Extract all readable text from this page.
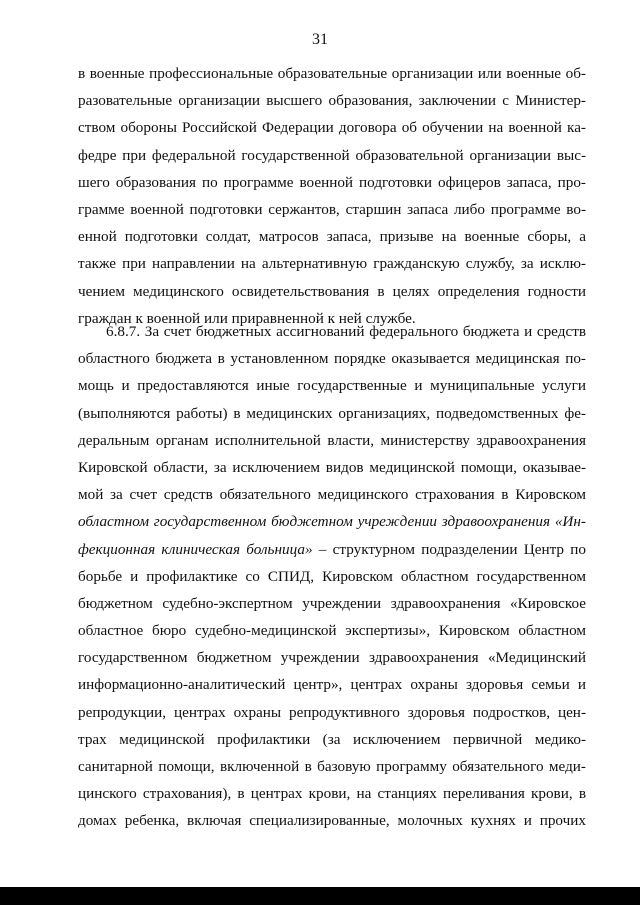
31
в военные профессиональные образовательные организации или военные об-
разовательные организации высшего образования, заключении с Министер-
ством обороны Российской Федерации договора об обучении на военной ка-
федре при федеральной государственной образовательной организации выс-
шего образования по программе военной подготовки офицеров запаса, про-
грамме военной подготовки сержантов, старшин запаса либо программе во-
енной подготовки солдат, матросов запаса, призыве на военные сборы, а
также при направлении на альтернативную гражданскую службу, за исклю-
чением медицинского освидетельствования в целях определения годности
граждан к военной или приравненной к ней службе.
6.8.7. За счет бюджетных ассигнований федерального бюджета и средств
областного бюджета в установленном порядке оказывается медицинская по-
мощь и предоставляются иные государственные и муниципальные услуги
(выполняются работы) в медицинских организациях, подведомственных фе-
деральным органам исполнительной власти, министерству здравоохранения
Кировской области, за исключением видов медицинской помощи, оказывае-
мой за счет средств обязательного медицинского страхования в Кировском
областном государственном бюджетном учреждении здравоохранения «Ин-
фекционная клиническая больница» – структурном подразделении Центр по
борьбе и профилактике со СПИД, Кировском областном государственном
бюджетном судебно-экспертном учреждении здравоохранения «Кировское
областное бюро судебно-медицинской экспертизы», Кировском областном
государственном бюджетном учреждении здравоохранения «Медицинский
информационно-аналитический центр», центрах охраны здоровья семьи и
репродукции, центрах охраны репродуктивного здоровья подростков, цен-
трах медицинской профилактики (за исключением первичной медико-
санитарной помощи, включенной в базовую программу обязательного меди-
цинского страхования), в центрах крови, на станциях переливания крови, в
домах ребенка, включая специализированные, молочных кухнях и прочих
